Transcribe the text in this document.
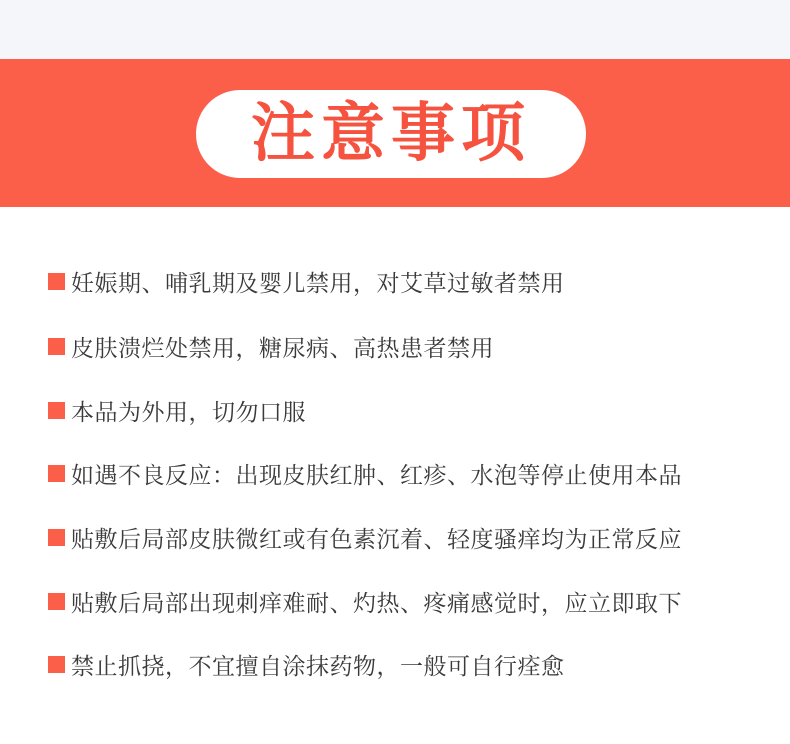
注意事项
妊娠期、哺乳期及婴儿禁用，对艾草过敏者禁用
皮肤溃烂处禁用，糖尿病、高热患者禁用
本品为外用，切勿口服
如遇不良反应：出现皮肤红肿、红疹、水泡等停止使用本品
贴敷后局部皮肤微红或有色素沉着、轻度骚痒均为正常反应
贴敷后局部出现刺痒难耐、灼热、疼痛感觉时，应立即取下
禁止抓挠，不宜擅自涂抹药物，一般可自行痊愈
